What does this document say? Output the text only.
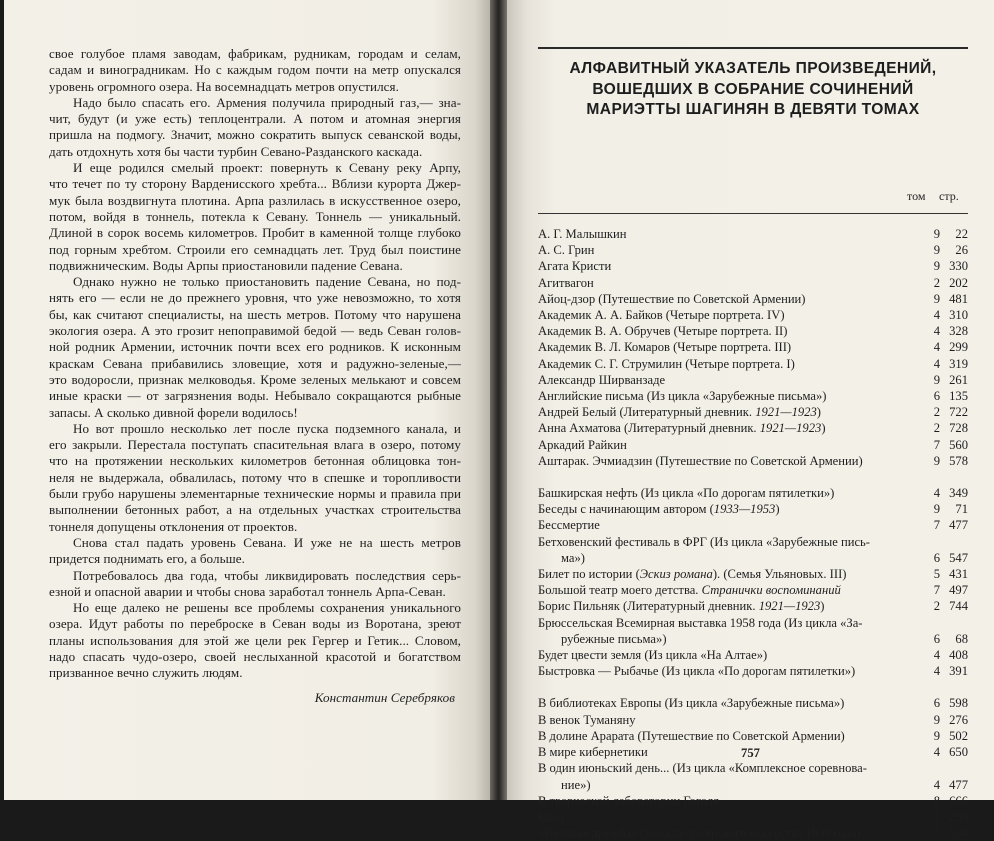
свое голубое пламя заводам, фабрикам, рудникам, городам и селам,
садам и виноградникам. Но с каждым годом почти на метр опускался
уровень огромного озера. На восемнадцать метров опустился.
Надо было спасать его. Армения получила природный газ,— зна-
чит, будут (и уже есть) теплоцентрали. А потом и атомная энергия
пришла на подмогу. Значит, можно сократить выпуск севанской воды,
дать отдохнуть хотя бы части турбин Севано-Разданского каскада.
И еще родился смелый проект: повернуть к Севану реку Арпу,
что течет по ту сторону Варденисского хребта... Вблизи курорта Джер-
мук была воздвигнута плотина. Арпа разлилась в искусственное озеро,
потом, войдя в тоннель, потекла к Севану. Тоннель — уникальный.
Длиной в сорок восемь километров. Пробит в каменной толще глубоко
под горным хребтом. Строили его семнадцать лет. Труд был поистине
подвижническим. Воды Арпы приостановили падение Севана.
Однако нужно не только приостановить падение Севана, но под-
нять его — если не до прежнего уровня, что уже невозможно, то хотя
бы, как считают специалисты, на шесть метров. Потому что нарушена
экология озера. А это грозит непоправимой бедой — ведь Севан голов-
ной родник Армении, источник почти всех его родников. К исконным
краскам Севана прибавились зловещие, хотя и радужно-зеленые,—
это водоросли, признак мелководья. Кроме зеленых мелькают и совсем
иные краски — от загрязнения воды. Небывало сокращаются рыбные
запасы. А сколько дивной форели водилось!
Но вот прошло несколько лет после пуска подземного канала, и
его закрыли. Перестала поступать спасительная влага в озеро, потому
что на протяжении нескольких километров бетонная облицовка тон-
неля не выдержала, обвалилась, потому что в спешке и торопливости
были грубо нарушены элементарные технические нормы и правила при
выполнении бетонных работ, а на отдельных участках строительства
тоннеля допущены отклонения от проектов.
Снова стал падать уровень Севана. И уже не на шесть метров
придется поднимать его, а больше.
Потребовалось два года, чтобы ликвидировать последствия серь-
езной и опасной аварии и чтобы снова заработал тоннель Арпа-Севан.
Но еще далеко не решены все проблемы сохранения уникального
озера. Идут работы по переброске в Севан воды из Воротана, зреют
планы использования для этой же цели рек Гергер и Гетик... Словом,
надо спасать чудо-озеро, своей неслыханной красотой и богатством
призванное вечно служить людям.
Константин Серебряков
АЛФАВИТНЫЙ УКАЗАТЕЛЬ ПРОИЗВЕДЕНИЙ,
ВОШЕДШИХ В СОБРАНИЕ СОЧИНЕНИЙ
МАРИЭТТЫ ШАГИНЯН В ДЕВЯТИ ТОМАХ
том стр.
А. Г. Малышкин	9	22
А. С. Грин	9	26
Агата Кристи	9 330
Агитвагон	2 202
Айоц-дзор (Путешествие по Советской Армении)	9 481
Академик А. А. Байков (Четыре портрета. IV)	4 310
Академик В. А. Обручев (Четыре портрета. II)	4 328
Академик В. Л. Комаров (Четыре портрета. III)	4 299
Академик С. Г. Струмилин (Четыре портрета. I)	4 319
Александр Ширванзаде	9 261
Английские письма (Из цикла «Зарубежные письма»)	6 135
Андрей Белый (Литературный дневник. 1921—1923)	2 722
Анна Ахматова (Литературный дневник. 1921—1923)	2 728
Аркадий Райкин	7 560
Аштарак. Эчмиадзин (Путешествие по Советской Армении)	9 578
Башкирская нефть (Из цикла «По дорогам пятилетки»)	4 349
Беседы с начинающим автором (1933—1953)	9	71
Бессмертие	7 477
Бетховенский фестиваль в ФРГ (Из цикла «Зарубежные пись-
ма»)	6 547
Билет по истории (Эскиз романа). (Семья Ульяновых. III)	5 431
Большой театр моего детства. Странички воспоминаний	7 497
Борис Пильняк (Литературный дневник. 1921—1923)	2 744
Брюссельская Всемирная выставка 1958 года (Из цикла «За-
рубежные письма»)	6	68
Будет цвести земля (Из цикла «На Алтае»)	4 408
Быстровка — Рыбачье (Из цикла «По дорогам пятилетки»)	4 391
В библиотеках Европы (Из цикла «Зарубежные письма»)	6 598
В венок Туманяну	9 276
В долине Арарата (Путешествие по Советской Армении)	9 502
В мире кибернетики	4 650
В один июньский день... (Из цикла «Комплексное соревнова-
ние»)	4 477
В творческой лаборатории Гоголя	8 666
Вахо	2 233
«Великая дружба» (Декада армянского искусства 1939 года)	7 534
757
